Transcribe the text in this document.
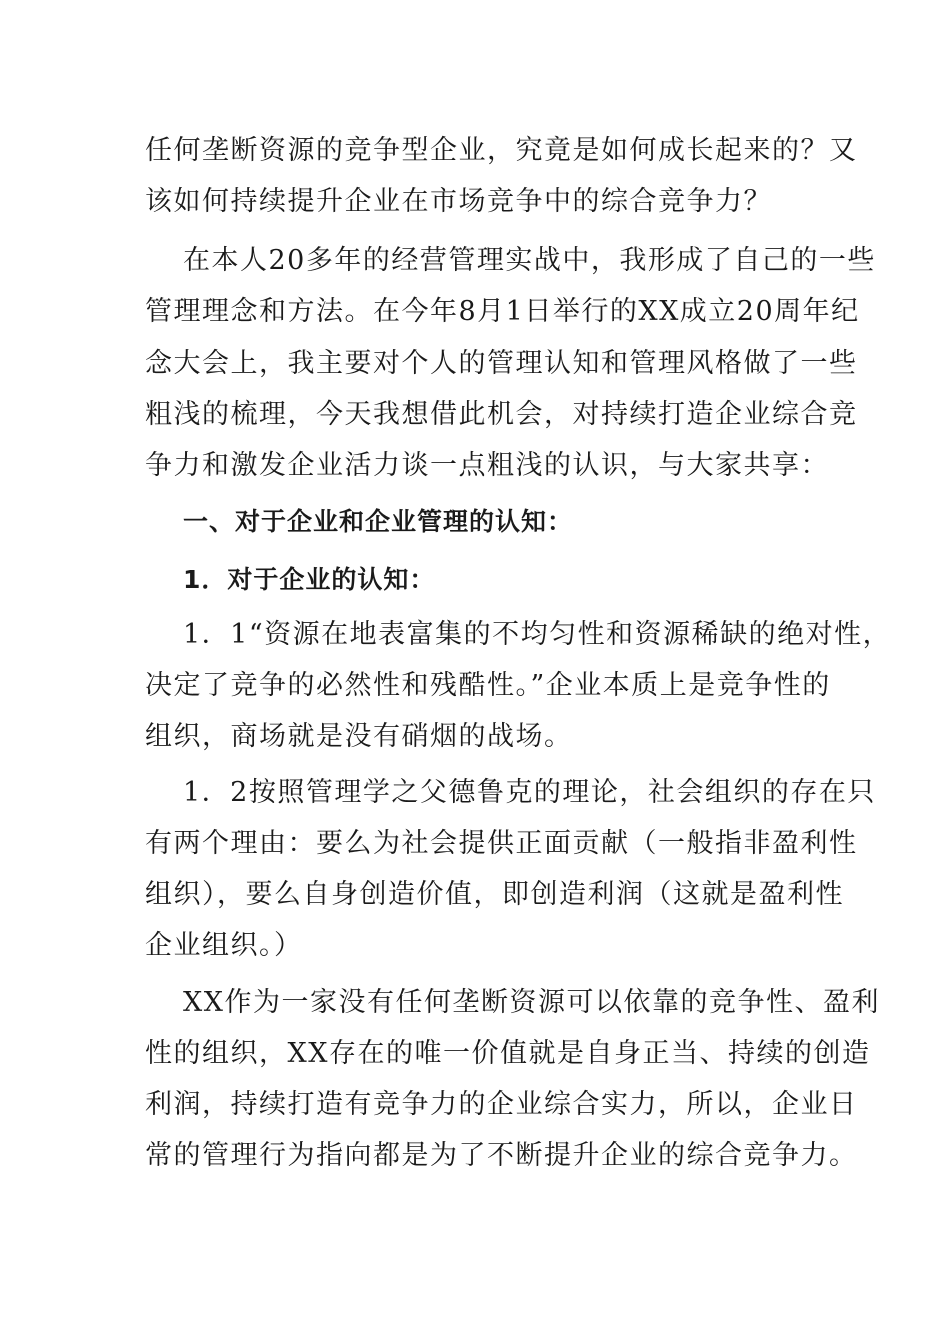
任何垄断资源的竞争型企业，究竟是如何成长起来的？又
该如何持续提升企业在市场竞争中的综合竞争力？
在本人20多年的经营管理实战中，我形成了自己的一些
管理理念和方法。在今年8月1日举行的XX成立20周年纪
念大会上，我主要对个人的管理认知和管理风格做了一些
粗浅的梳理，今天我想借此机会，对持续打造企业综合竞
争力和激发企业活力谈一点粗浅的认识，与大家共享：
一、对于企业和企业管理的认知：
1．对于企业的认知：
1．1“资源在地表富集的不均匀性和资源稀缺的绝对性，
决定了竞争的必然性和残酷性。”企业本质上是竞争性的
组织，商场就是没有硝烟的战场。
1．2按照管理学之父德鲁克的理论，社会组织的存在只
有两个理由：要么为社会提供正面贡献（一般指非盈利性
组织），要么自身创造价值，即创造利润（这就是盈利性
企业组织。）
XX作为一家没有任何垄断资源可以依靠的竞争性、盈利
性的组织，XX存在的唯一价值就是自身正当、持续的创造
利润，持续打造有竞争力的企业综合实力，所以，企业日
常的管理行为指向都是为了不断提升企业的综合竞争力。
